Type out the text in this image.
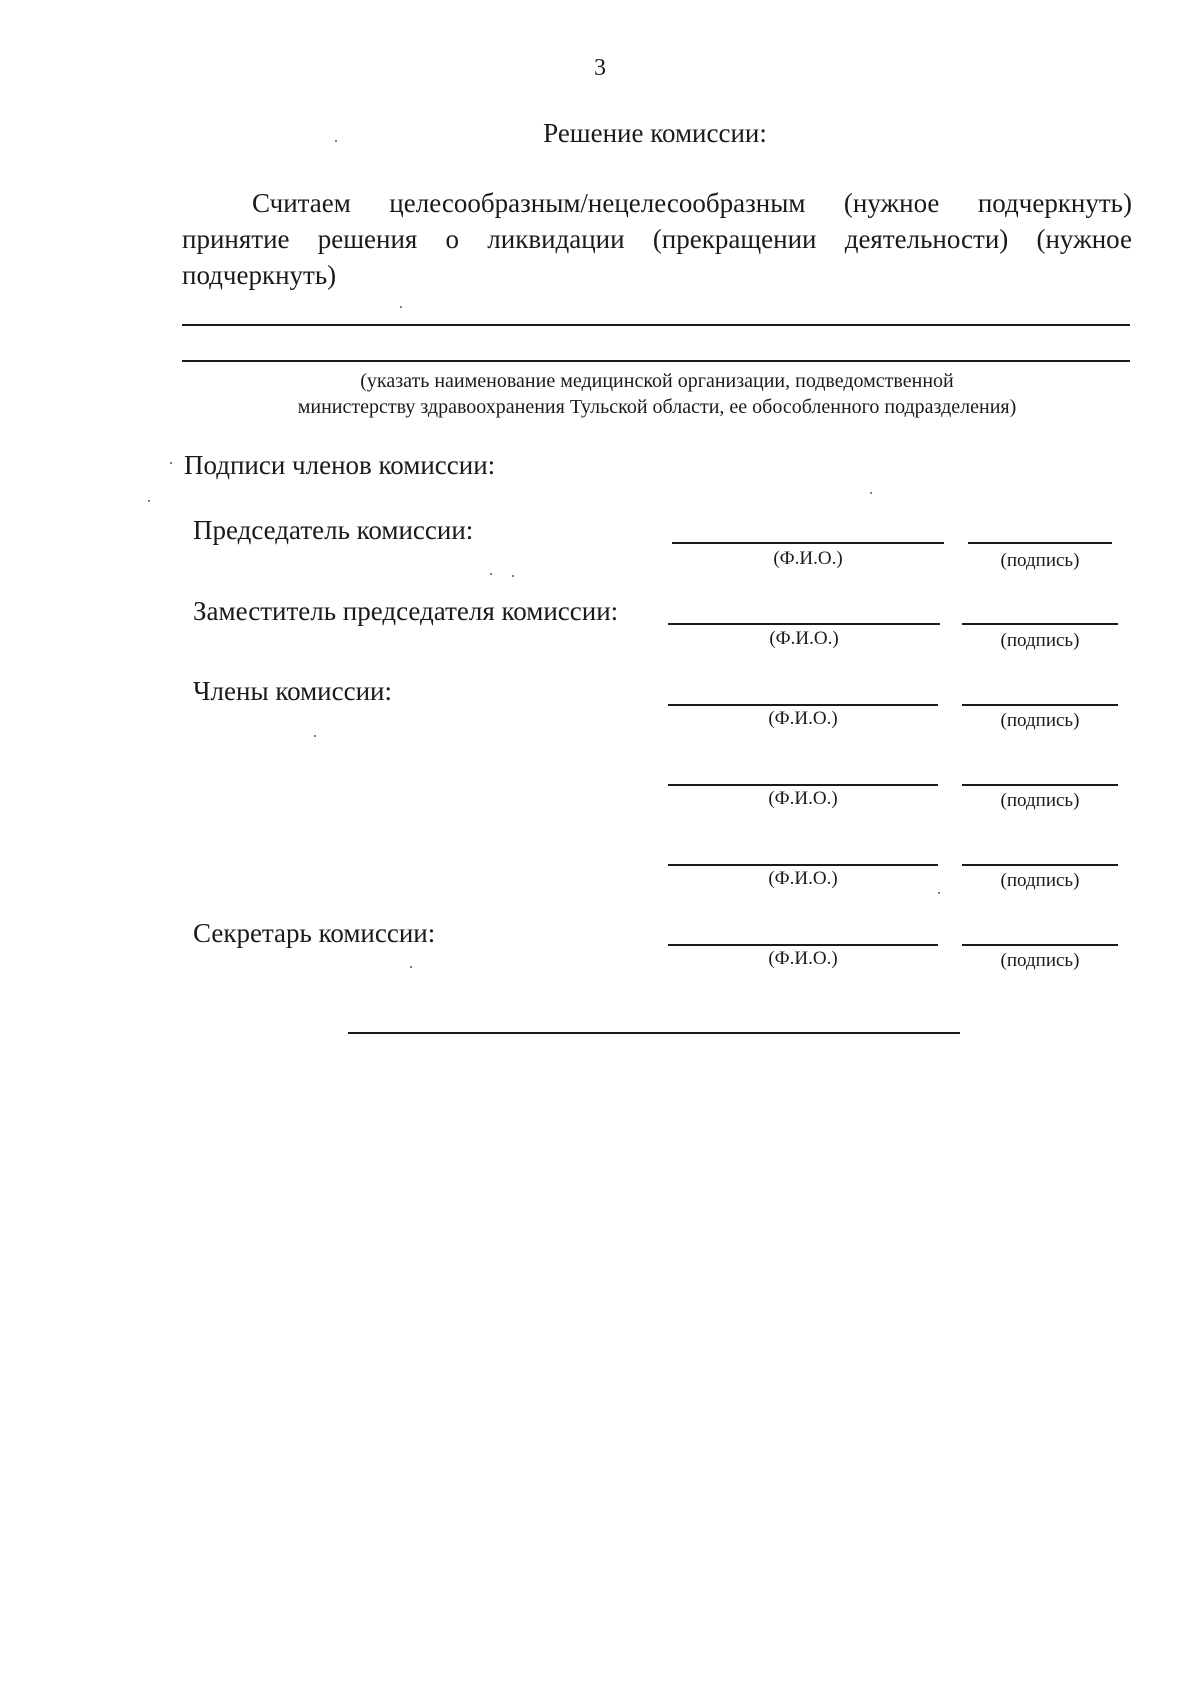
3
Решение комиссии:
Считаем целесообразным/нецелесообразным (нужное подчеркнуть) принятие решения о ликвидации (прекращении деятельности) (нужное подчеркнуть)
(указать наименование медицинской организации, подведомственной
министерству здравоохранения Тульской области, ее обособленного подразделения)
Подписи членов комиссии:
Председатель комиссии:
(Ф.И.О.)	(подпись)
Заместитель председателя комиссии:
(Ф.И.О.)	(подпись)
Члены комиссии:
(Ф.И.О.)	(подпись)
(Ф.И.О.)	(подпись)
(Ф.И.О.)	(подпись)
Секретарь комиссии:
(Ф.И.О.)	(подпись)
